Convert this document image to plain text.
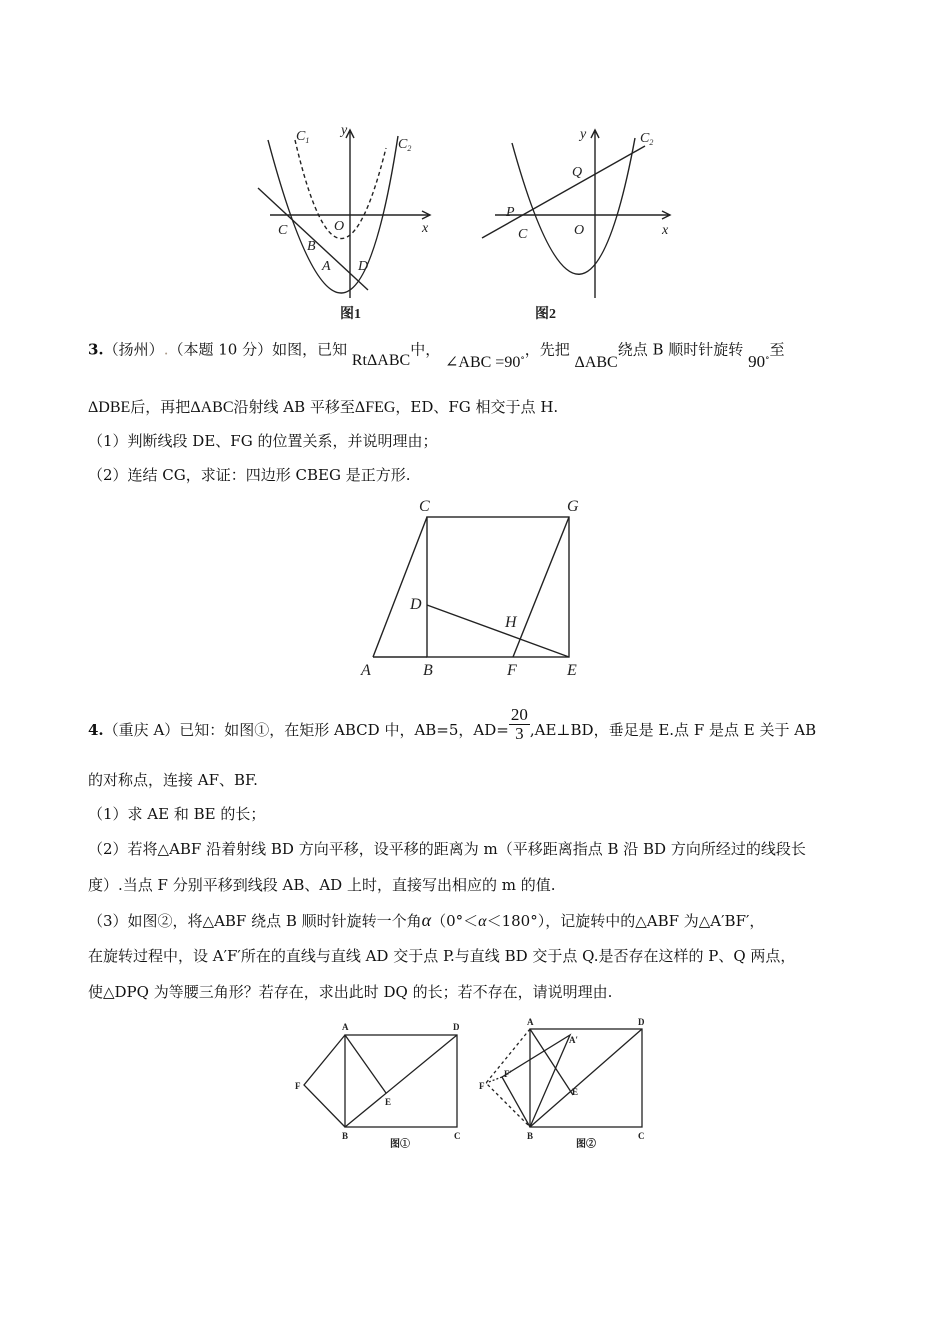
$C_1$	$C_2$
y
x
O
C
B
A D
y	$C_2$
Q
P
C	O	x
图1	图2
3.（扬州）.（本题 10 分）如图，已知 RtΔABC中， ∠ABC =90∘，先把 ΔABC绕点 B 顺时针旋转 90∘至
ΔDBE后，再把ΔABC沿射线 AB 平移至ΔFEG，ED、FG 相交于点 H.
（1）判断线段 DE、FG 的位置关系，并说明理由；
（2）连结 CG，求证：四边形 CBEG 是正方形.
C	G
D
H
A	B	F	E
4.（重庆 A）已知：如图①，在矩形 ABCD 中，AB=5，$AD= \frac{20}{3}$ ,AE⊥BD，垂足是 E.点 F 是点 E 关于 AB
的对称点，连接 AF、BF.
（1）求 AE 和 BE 的长；
（2）若将△ABF 沿着射线 BD 方向平移，设平移的距离为 m（平移距离指点 B 沿 BD 方向所经过的线段长
度）.当点 F 分别平移到线段 AB、AD 上时，直接写出相应的 m 的值.
（3）如图②，将△ABF 绕点 B 顺时针旋转一个角α（0°＜α＜180°），记旋转中的△ABF 为△A′BF′，
在旋转过程中，设 A′F′所在的直线与直线 AD 交于点 P.与直线 BD 交于点 Q.是否存在这样的 P、Q 两点，
使△DPQ 为等腰三角形？若存在，求出此时 DQ 的长；若不存在，请说明理由.
A	D
F
E
B	C
图①
A	D
A′
F′
F
E
B	C
图②
